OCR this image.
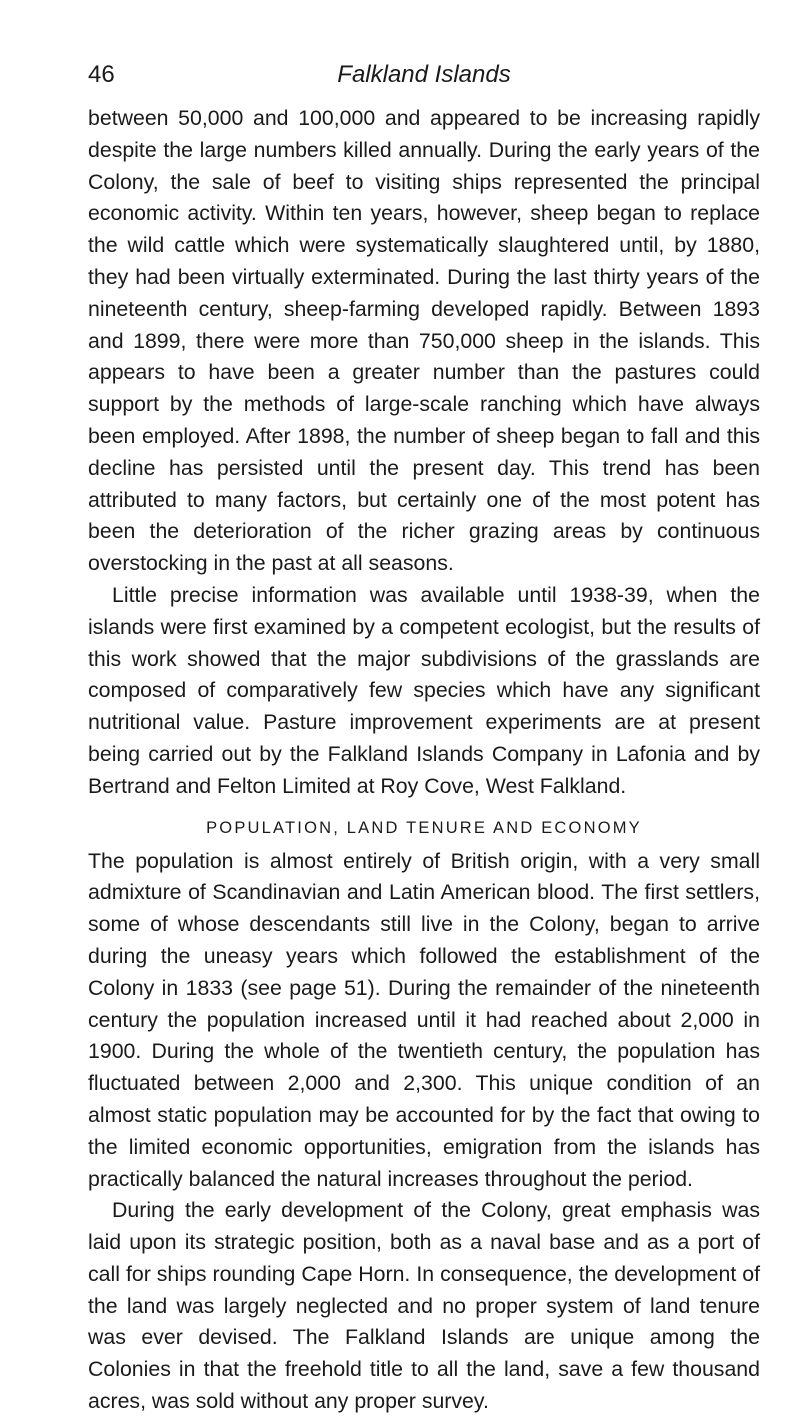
46	Falkland Islands

between 50,000 and 100,000 and appeared to be increasing rapidly despite the large numbers killed annually. During the early years of the Colony, the sale of beef to visiting ships represented the principal economic activity. Within ten years, however, sheep began to replace the wild cattle which were systematically slaughtered until, by 1880, they had been virtually exterminated. During the last thirty years of the nineteenth century, sheep-farming developed rapidly. Between 1893 and 1899, there were more than 750,000 sheep in the islands. This appears to have been a greater number than the pastures could support by the methods of large-scale ranching which have always been employed. After 1898, the number of sheep began to fall and this decline has persisted until the present day. This trend has been attributed to many factors, but certainly one of the most potent has been the deterioration of the richer grazing areas by continuous overstocking in the past at all seasons.

Little precise information was available until 1938-39, when the islands were first examined by a competent ecologist, but the results of this work showed that the major subdivisions of the grasslands are composed of comparatively few species which have any significant nutritional value. Pasture improvement experiments are at present being carried out by the Falkland Islands Company in Lafonia and by Bertrand and Felton Limited at Roy Cove, West Falkland.

POPULATION, LAND TENURE AND ECONOMY

The population is almost entirely of British origin, with a very small admixture of Scandinavian and Latin American blood. The first settlers, some of whose descendants still live in the Colony, began to arrive during the uneasy years which followed the establishment of the Colony in 1833 (see page 51). During the remainder of the nineteenth century the population increased until it had reached about 2,000 in 1900. During the whole of the twentieth century, the population has fluctuated between 2,000 and 2,300. This unique condition of an almost static population may be accounted for by the fact that owing to the limited economic opportunities, emigration from the islands has practically balanced the natural increases throughout the period.

During the early development of the Colony, great emphasis was laid upon its strategic position, both as a naval base and as a port of call for ships rounding Cape Horn. In consequence, the development of the land was largely neglected and no proper system of land tenure was ever devised. The Falkland Islands are unique among the Colonies in that the freehold title to all the land, save a few thousand acres, was sold without any proper survey.
